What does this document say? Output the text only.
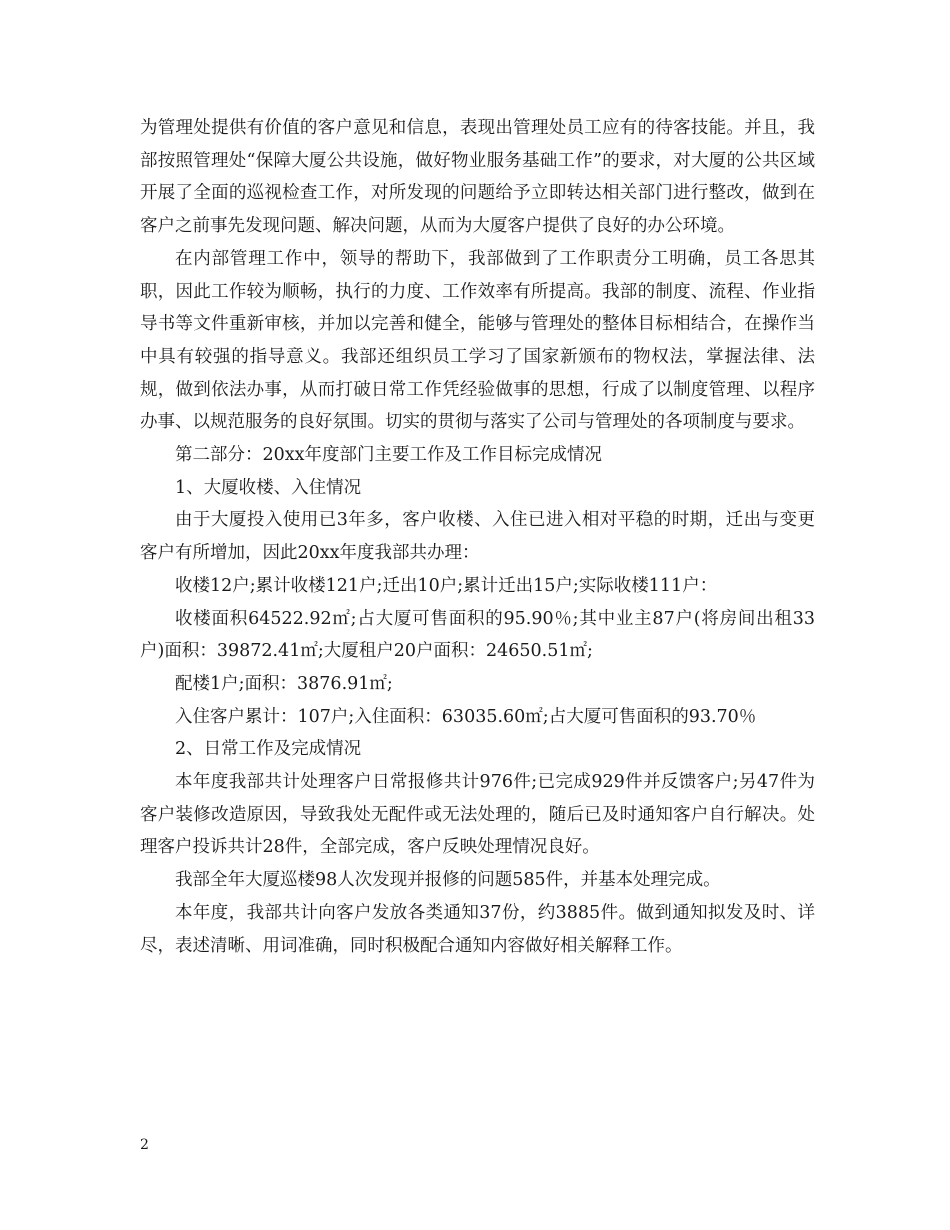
为管理处提供有价值的客户意见和信息，表现出管理处员工应有的待客技能。并且，我部按照管理处“保障大厦公共设施，做好物业服务基础工作”的要求，对大厦的公共区域开展了全面的巡视检查工作，对所发现的问题给予立即转达相关部门进行整改，做到在客户之前事先发现问题、解决问题，从而为大厦客户提供了良好的办公环境。

在内部管理工作中，领导的帮助下，我部做到了工作职责分工明确，员工各思其职，因此工作较为顺畅，执行的力度、工作效率有所提高。我部的制度、流程、作业指导书等文件重新审核，并加以完善和健全，能够与管理处的整体目标相结合，在操作当中具有较强的指导意义。我部还组织员工学习了国家新颁布的物权法，掌握法律、法规，做到依法办事，从而打破日常工作凭经验做事的思想，行成了以制度管理、以程序办事、以规范服务的良好氛围。切实的贯彻与落实了公司与管理处的各项制度与要求。

第二部分：20xx年度部门主要工作及工作目标完成情况

1、大厦收楼、入住情况

由于大厦投入使用已3年多，客户收楼、入住已进入相对平稳的时期，迁出与变更客户有所增加，因此20xx年度我部共办理：

收楼12户;累计收楼121户;迁出10户;累计迁出15户;实际收楼111户：

收楼面积64522.92㎡;占大厦可售面积的95.90％;其中业主87户(将房间出租33户)面积：39872.41㎡;大厦租户20户面积：24650.51㎡;

配楼1户;面积：3876.91㎡;

入住客户累计：107户;入住面积：63035.60㎡;占大厦可售面积的93.70％

2、日常工作及完成情况

本年度我部共计处理客户日常报修共计976件;已完成929件并反馈客户;另47件为客户装修改造原因，导致我处无配件或无法处理的，随后已及时通知客户自行解决。处理客户投诉共计28件，全部完成，客户反映处理情况良好。

我部全年大厦巡楼98人次发现并报修的问题585件，并基本处理完成。

本年度，我部共计向客户发放各类通知37份，约3885件。做到通知拟发及时、详尽，表述清晰、用词准确，同时积极配合通知内容做好相关解释工作。

2
